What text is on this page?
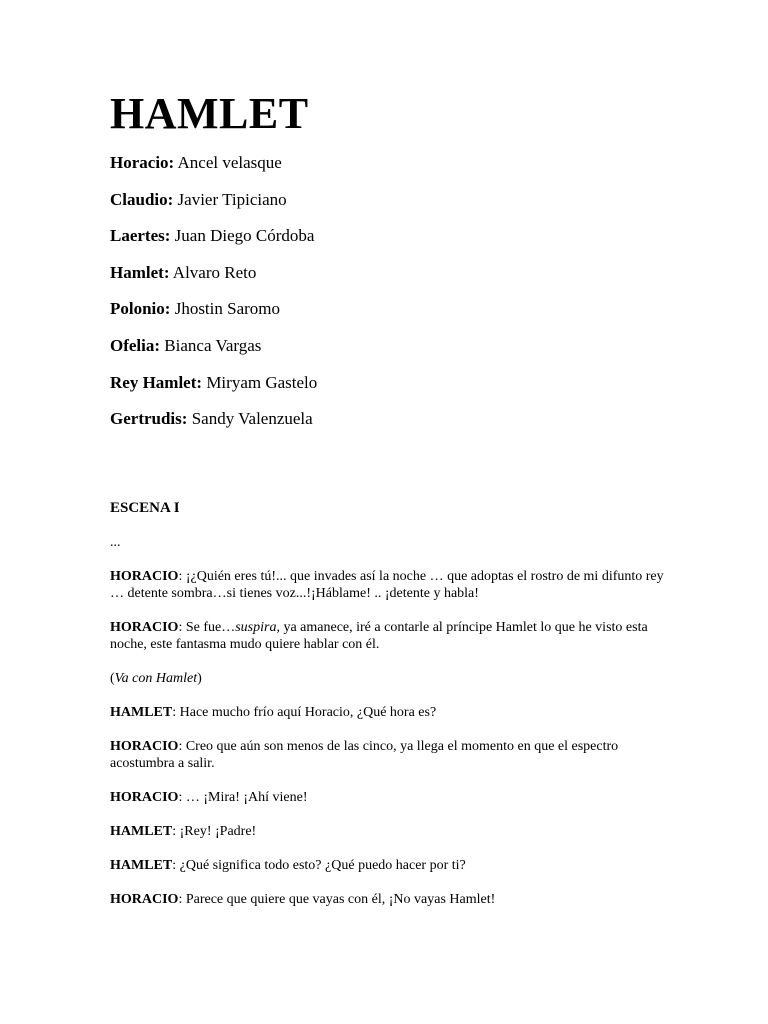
HAMLET
Horacio: Ancel velasque
Claudio: Javier Tipiciano
Laertes: Juan Diego Córdoba
Hamlet: Alvaro Reto
Polonio: Jhostin Saromo
Ofelia: Bianca Vargas
Rey Hamlet: Miryam Gastelo
Gertrudis: Sandy Valenzuela

ESCENA I

...

HORACIO: ¡¿Quién eres tú!... que invades así la noche … que adoptas el rostro de mi difunto rey … detente sombra…si tienes voz...!¡Háblame! .. ¡detente y habla!

HORACIO: Se fue…suspira, ya amanece, iré a contarle al príncipe Hamlet lo que he visto esta noche, este fantasma mudo quiere hablar con él.

(Va con Hamlet)

HAMLET: Hace mucho frío aquí Horacio, ¿Qué hora es?

HORACIO: Creo que aún son menos de las cinco, ya llega el momento en que el espectro acostumbra a salir.

HORACIO: … ¡Mira! ¡Ahí viene!

HAMLET: ¡Rey! ¡Padre!

HAMLET: ¿Qué significa todo esto? ¿Qué puedo hacer por ti?

HORACIO: Parece que quiere que vayas con él, ¡No vayas Hamlet!
